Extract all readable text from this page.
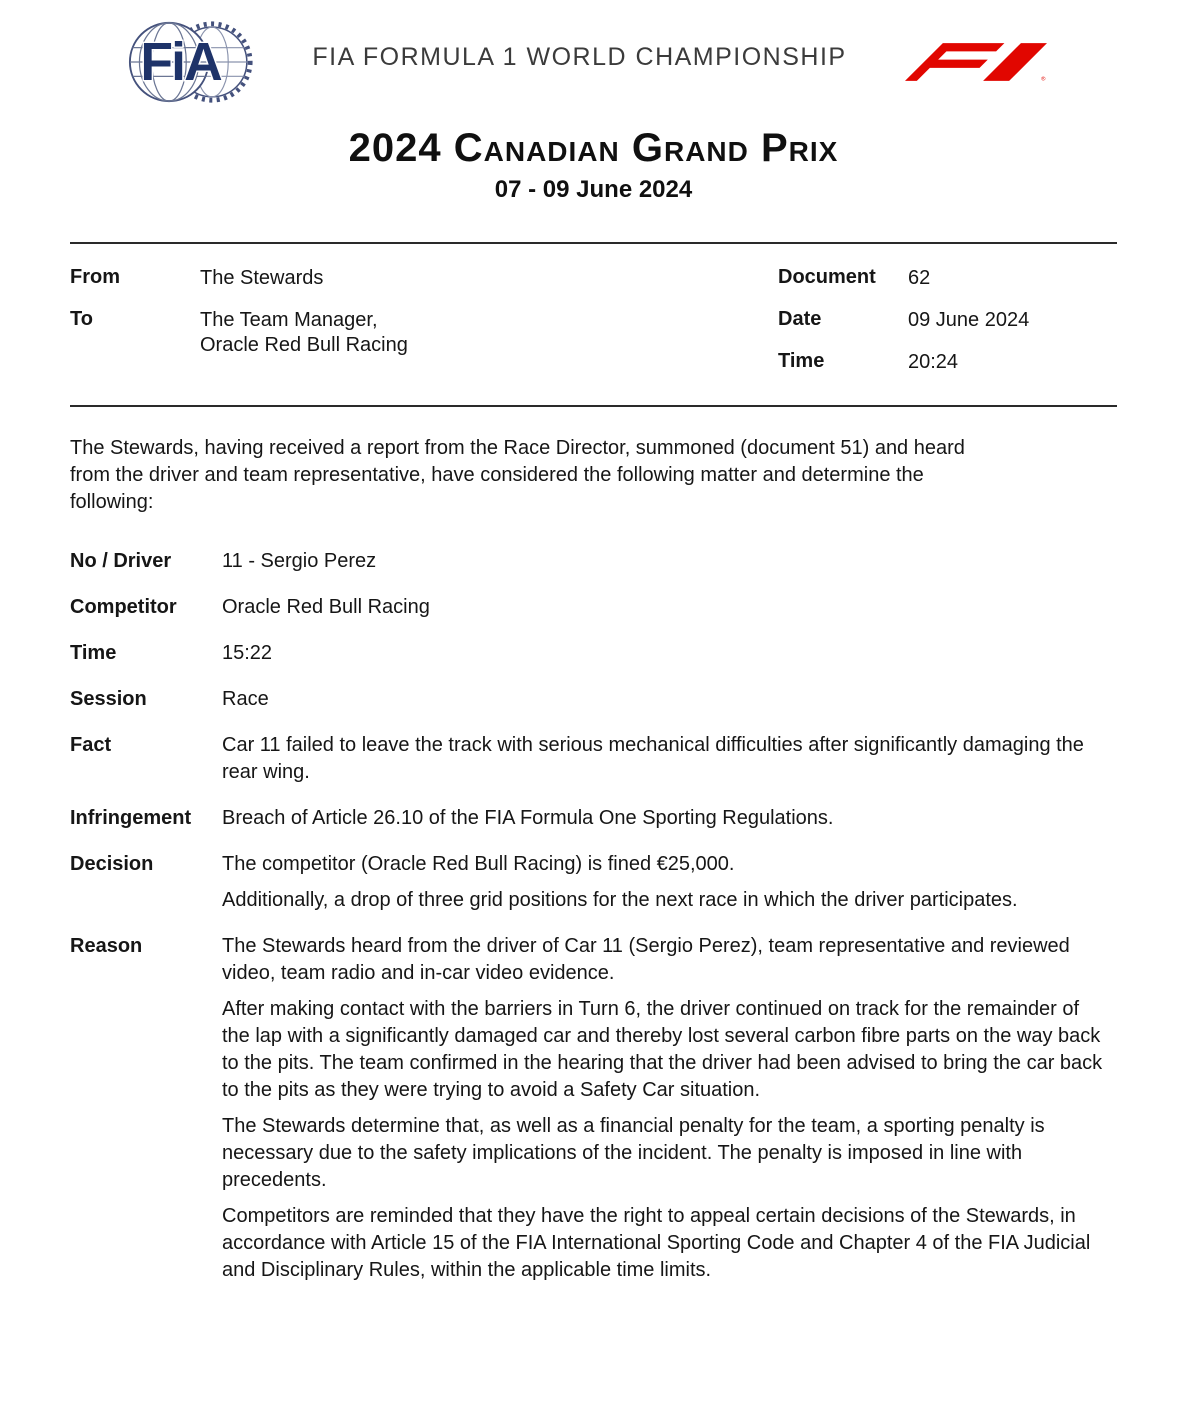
FiA	FIA FORMULA 1 WORLD CHAMPIONSHIP
®
2024 Canadian Grand Prix
07 - 09 June 2024
From	The Stewards
To	The Team Manager,
Oracle Red Bull Racing
Document	62
Date	09 June 2024
Time	20:24
The Stewards, having received a report from the Race Director, summoned (document 51) and heard from the driver and team representative, have considered the following matter and determine the following:
No / Driver	11 - Sergio Perez
Competitor	Oracle Red Bull Racing
Time	15:22
Session	Race
Fact	Car 11 failed to leave the track with serious mechanical difficulties after significantly damaging the rear wing.
Infringement	Breach of Article 26.10 of the FIA Formula One Sporting Regulations.
Decision	The competitor (Oracle Red Bull Racing) is fined €25,000.

Additionally, a drop of three grid positions for the next race in which the driver participates.

Reason	The Stewards heard from the driver of Car 11 (Sergio Perez), team representative and reviewed video, team radio and in-car video evidence.

After making contact with the barriers in Turn 6, the driver continued on track for the remainder of the lap with a significantly damaged car and thereby lost several carbon fibre parts on the way back to the pits. The team confirmed in the hearing that the driver had been advised to bring the car back to the pits as they were trying to avoid a Safety Car situation.

The Stewards determine that, as well as a financial penalty for the team, a sporting penalty is necessary due to the safety implications of the incident. The penalty is imposed in line with precedents.

Competitors are reminded that they have the right to appeal certain decisions of the Stewards, in accordance with Article 15 of the FIA International Sporting Code and Chapter 4 of the FIA Judicial and Disciplinary Rules, within the applicable time limits.
